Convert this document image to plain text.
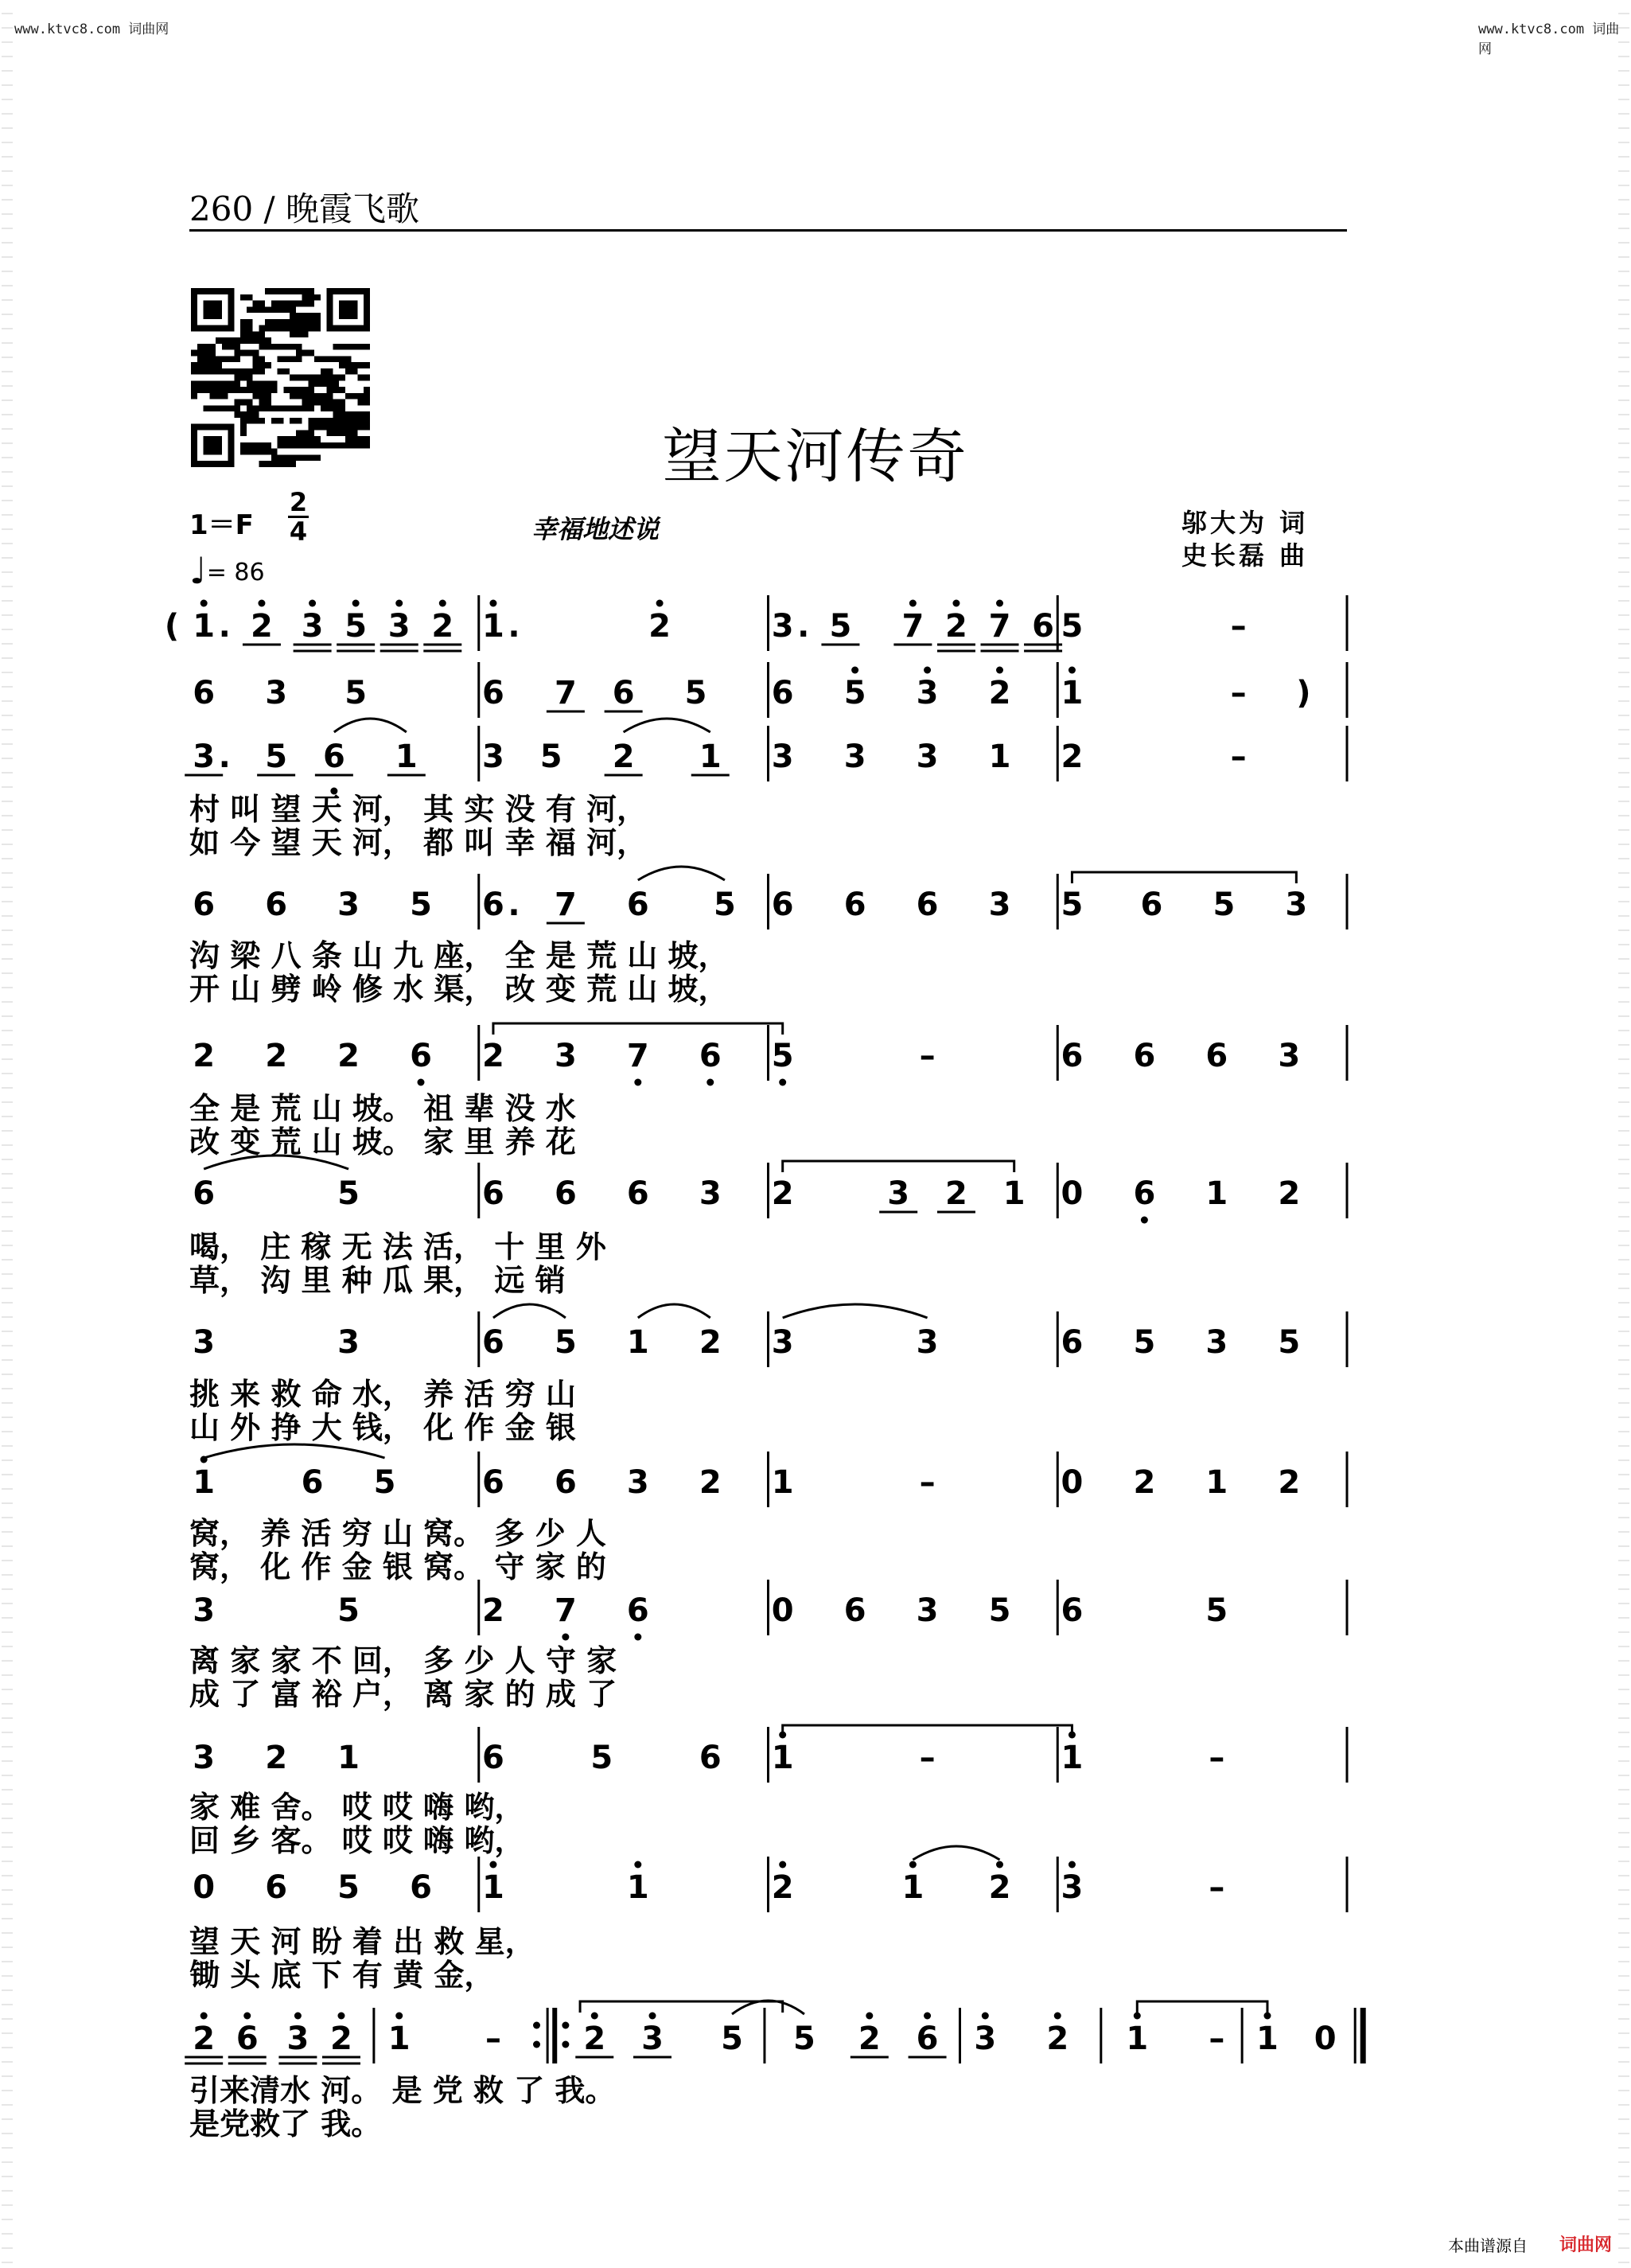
www.ktvc8.com 词曲网	www.ktvc8.com 词曲网
260 / 晚霞飞歌
望天河传奇
1＝F
2
4
♩= 86
幸福地述说	邬大为 词
史长磊 曲
( 1 . 2 3 5 3 2 1 .	2	3 . 5 7 2 7 6 5	–
6 3 5	6 7 6 5 6 5 3 2 1	– )
3 . 5 6 1 3 5 2 1 3 3 3 1 2	–
6 6 3 5 6 . 7 6 5 6 6 6 3 5 6 5 3
2 2 2 6 2 3 7 6 5	–	6 6 6 3
6	5	6 6 6 3 2	3 2 1 0 6 1 2
3	3	6 5 1 2 3	3	6 5 3 5
1	6 5	6 6 3 2 1	–	0 2 1 2
3	5	2 7 6	0 6 3 5 6	5
3 2 1	6	5	6 1	–	1	–
0 6 5 6 1	1	2	1 2 3	–
2 6 3 2 1 –	2 3 5 5 2 6 3 2 1 – 1 0
村 叫 望 天 河， 其 实 没 有 河，
如 今 望 天 河， 都 叫 幸 福 河，
沟 梁 八 条 山 九 座， 全 是 荒 山 坡，
开 山 劈 岭 修 水 渠， 改 变 荒 山 坡，
全 是 荒 山 坡。 祖 辈 没 水
改 变 荒 山 坡。 家 里 养 花
喝， 庄 稼 无 法 活， 十 里 外
草， 沟 里 种 瓜 果， 远 销
挑 来 救 命 水， 养 活 穷 山
山 外 挣 大 钱， 化 作 金 银
窝， 养 活 穷 山 窝。 多 少 人
窝， 化 作 金 银 窝。 守 家 的
离 家 家 不 回， 多 少 人 守 家
成 了 富 裕 户， 离 家 的 成 了
家 难 舍。 哎 哎 嗨 哟，
回 乡 客。 哎 哎 嗨 哟，
望 天 河 盼 着 出 救 星，
锄 头 底 下 有 黄 金，
引来清水 河。 是 党 救 了 我。
是党救了 我。
本曲谱源自 词曲网
